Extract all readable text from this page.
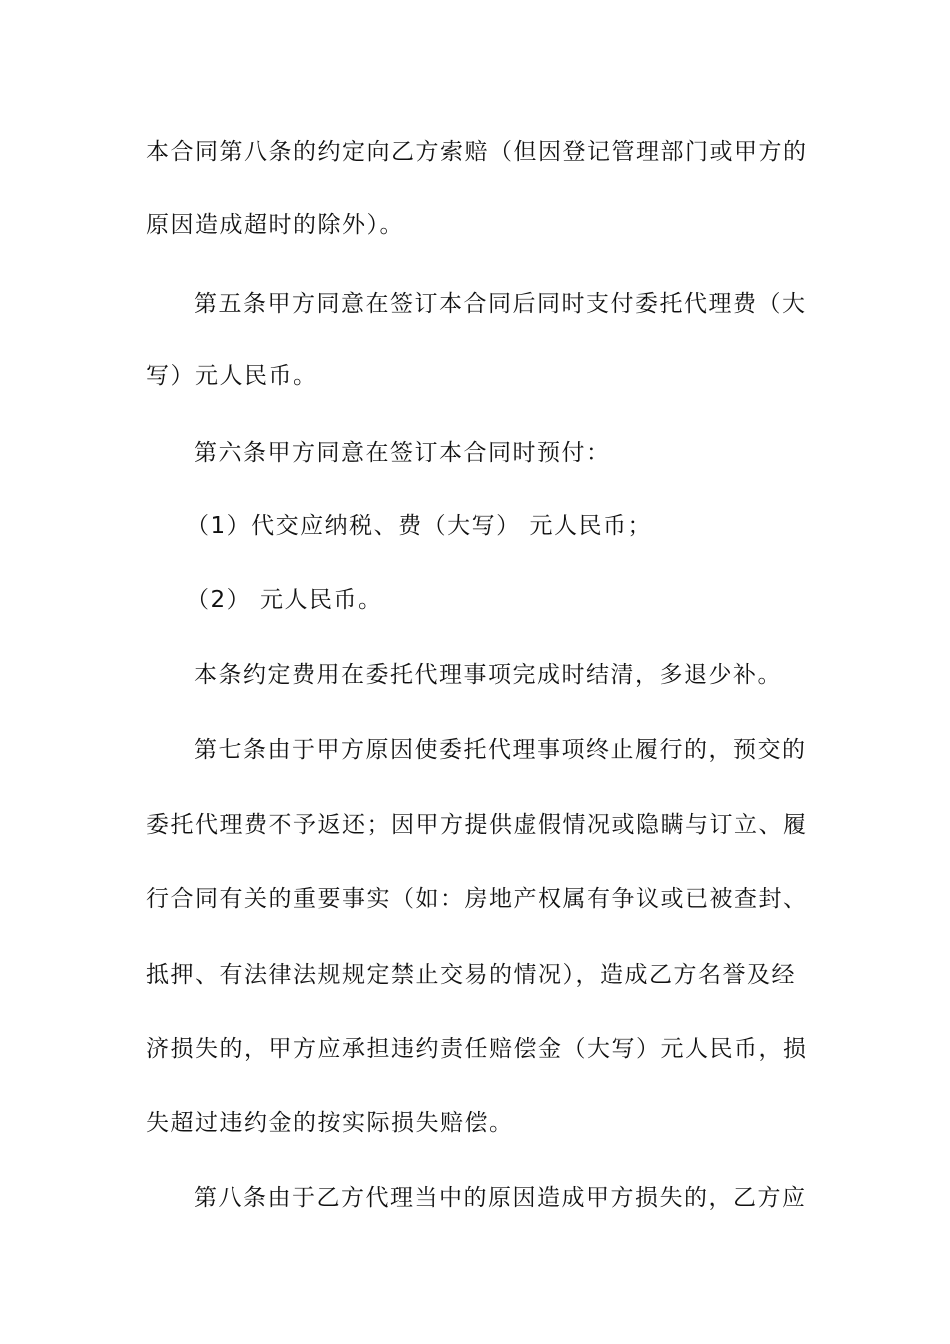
本合同第八条的约定向乙方索赔（但因登记管理部门或甲方的
原因造成超时的除外）。
第五条甲方同意在签订本合同后同时支付委托代理费（大
写）元人民币。
第六条甲方同意在签订本合同时预付：
（1）代交应纳税、费（大写） 元人民币；
（2） 元人民币。
本条约定费用在委托代理事项完成时结清，多退少补。
第七条由于甲方原因使委托代理事项终止履行的，预交的
委托代理费不予返还；因甲方提供虚假情况或隐瞒与订立、履
行合同有关的重要事实（如：房地产权属有争议或已被查封、
抵押、有法律法规规定禁止交易的情况），造成乙方名誉及经
济损失的，甲方应承担违约责任赔偿金（大写）元人民币，损
失超过违约金的按实际损失赔偿。
第八条由于乙方代理当中的原因造成甲方损失的，乙方应
